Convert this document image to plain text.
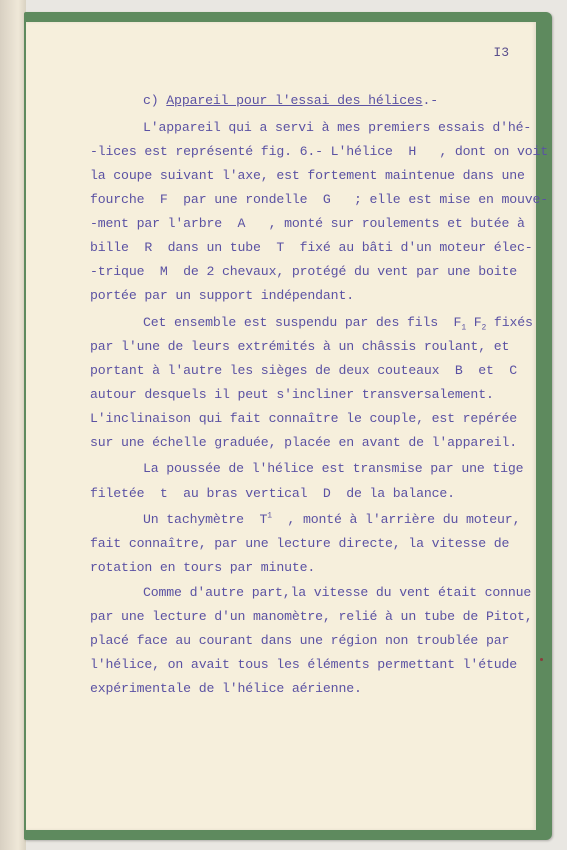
I3
c) Appareil pour l'essai des hélices.-
L'appareil qui a servi à mes premiers essais d'hé-
-lices est représenté fig. 6.- L'hélice  H   , dont on voit
la coupe suivant l'axe, est fortement maintenue dans une
fourche  F  par une rondelle  G   ; elle est mise en mouve-
-ment par l'arbre  A   , monté sur roulements et butée à
bille  R  dans un tube  T  fixé au bâti d'un moteur élec-
-trique  M  de 2 chevaux, protégé du vent par une boite
portée par un support indépendant.
Cet ensemble est suspendu par des fils  $F_1$ $F_2$ fixés
par l'une de leurs extrémités à un châssis roulant, et
portant à l'autre les sièges de deux couteaux  B  et  C
autour desquels il peut s'incliner transversalement.
L'inclinaison qui fait connaître le couple, est repérée
sur une échelle graduée, placée en avant de l'appareil.
La poussée de l'hélice est transmise par une tige
filetée  t  au bras vertical  D  de la balance.
Un tachymètre  $T^1$  , monté à l'arrière du moteur,
fait connaître, par une lecture directe, la vitesse de
rotation en tours par minute.
Comme d'autre part,la vitesse du vent était connue
par une lecture d'un manomètre, relié à un tube de Pitot,
placé face au courant dans une région non troublée par
l'hélice, on avait tous les éléments permettant l'étude
expérimentale de l'hélice aérienne.
